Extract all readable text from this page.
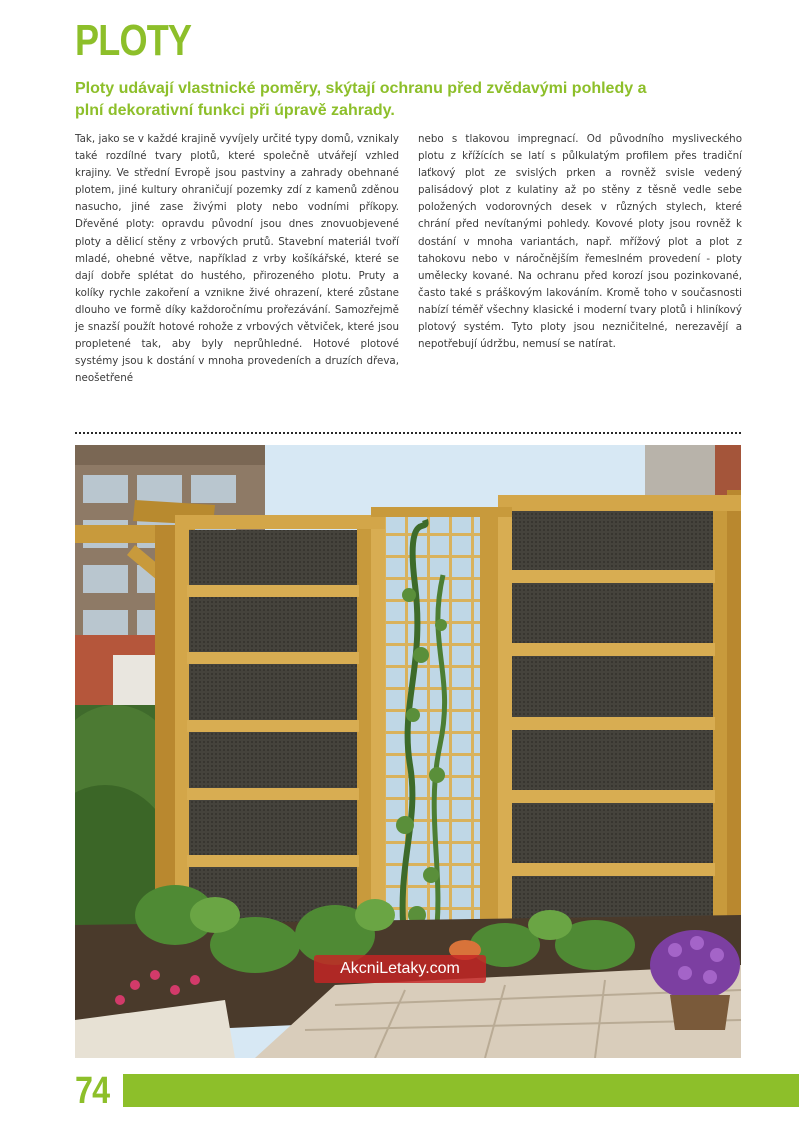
PLOTY
Ploty udávají vlastnické poměry, skýtají ochranu před zvědavými pohledy a plní dekorativní funkci při úpravě zahrady.
Tak, jako se v každé krajině vyvíjely určité typy domů, vznikaly také rozdílné tvary plotů, které společně utvářejí vzhled krajiny. Ve střední Evropě jsou pastviny a zahrady obehnané plotem, jiné kultury ohraničují pozemky zdí z kamenů zděnou nasucho, jiné zase živými ploty nebo vodními příkopy. Dřevěné ploty: opravdu původní jsou dnes znovuobjevené ploty a dělicí stěny z vrbových prutů. Stavební materiál tvoří mladé, ohebné větve, například z vrby košíkářské, které se dají dobře splétat do hustého, přirozeného plotu. Pruty a kolíky rychle zakoření a vznikne živé ohrazení, které zůstane dlouho ve formě díky každoročnímu prořezávání. Samozřejmě je snazší použít hotové rohože z vrbových větviček, které jsou propletené tak, aby byly neprůhledné. Hotové plotové systémy jsou k dostání v mnoha provedeních a druzích dřeva, neošetřené
nebo s tlakovou impregnací. Od původního mysliveckého plotu z křížících se latí s půlkulatým profilem přes tradiční laťkový plot ze svislých prken a rovněž svisle vedený palisádový plot z kulatiny až po stěny z těsně vedle sebe položených vodorovných desek v různých stylech, které chrání před nevítanými pohledy. Kovové ploty jsou rovněž k dostání v mnoha variantách, např. mřížový plot a plot z tahokovu nebo v náročnějším řemeslném provedení - ploty umělecky kované. Na ochranu před korozí jsou pozinkované, často také s práškovým lakováním. Kromě toho v současnosti nabízí téměř všechny klasické i moderní tvary plotů i hliníkový plotový systém. Tyto ploty jsou nezničitelné, nerezavějí a nepotřebují údržbu, nemusí se natírat.
AkcniLetaky.com
74
